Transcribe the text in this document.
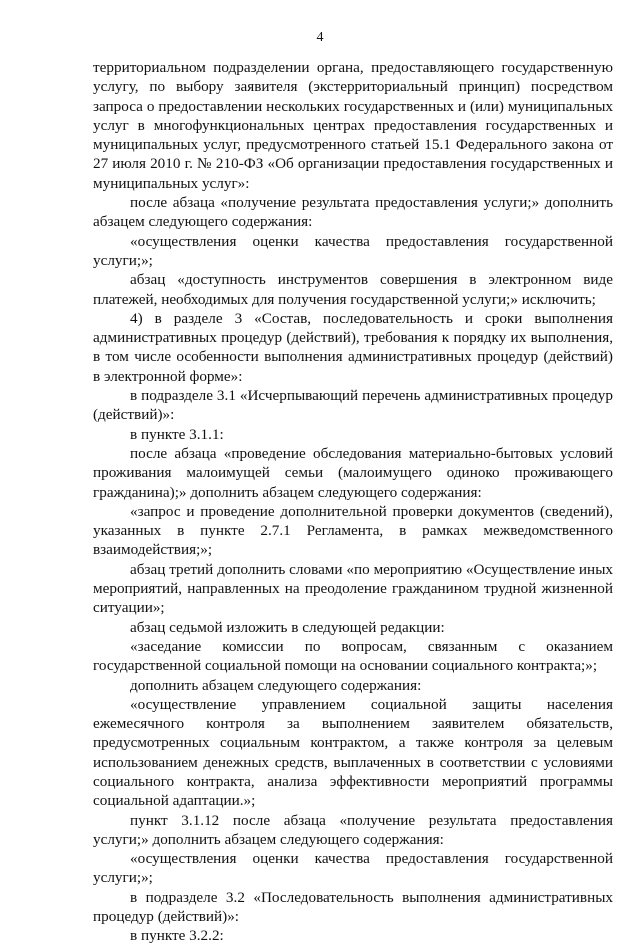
4

территориальном подразделении органа, предоставляющего государственную услугу, по выбору заявителя (экстерриториальный принцип) посредством запроса о предоставлении нескольких государственных и (или) муниципальных услуг в многофункциональных центрах предоставления государственных и муниципальных услуг, предусмотренного статьей 15.1 Федерального закона от 27 июля 2010 г. № 210-ФЗ «Об организации предоставления государственных и муниципальных услуг»:

после абзаца «получение результата предоставления услуги;» дополнить абзацем следующего содержания:

«осуществления оценки качества предоставления государственной услуги;»;

абзац «доступность инструментов совершения в электронном виде платежей, необходимых для получения государственной услуги;» исключить;

4) в разделе 3 «Состав, последовательность и сроки выполнения административных процедур (действий), требования к порядку их выполнения, в том числе особенности выполнения административных процедур (действий) в электронной форме»:

в подразделе 3.1 «Исчерпывающий перечень административных процедур (действий)»:

в пункте 3.1.1:

после абзаца «проведение обследования материально-бытовых условий проживания малоимущей семьи (малоимущего одиноко проживающего гражданина);» дополнить абзацем следующего содержания:

«запрос и проведение дополнительной проверки документов (сведений), указанных в пункте 2.7.1 Регламента, в рамках межведомственного взаимодействия;»;

абзац третий дополнить словами «по мероприятию «Осуществление иных мероприятий, направленных на преодоление гражданином трудной жизненной ситуации»;

абзац седьмой изложить в следующей редакции:

«заседание комиссии по вопросам, связанным с оказанием государственной социальной помощи на основании социального контракта;»;

дополнить абзацем следующего содержания:

«осуществление управлением социальной защиты населения ежемесячного контроля за выполнением заявителем обязательств, предусмотренных социальным контрактом, а также контроля за целевым использованием денежных средств, выплаченных в соответствии с условиями социального контракта, анализа эффективности мероприятий программы социальной адаптации.»;

пункт 3.1.12 после абзаца «получение результата предоставления услуги;» дополнить абзацем следующего содержания:

«осуществления оценки качества предоставления государственной услуги;»;

в подразделе 3.2 «Последовательность выполнения административных процедур (действий)»:

в пункте 3.2.2:
